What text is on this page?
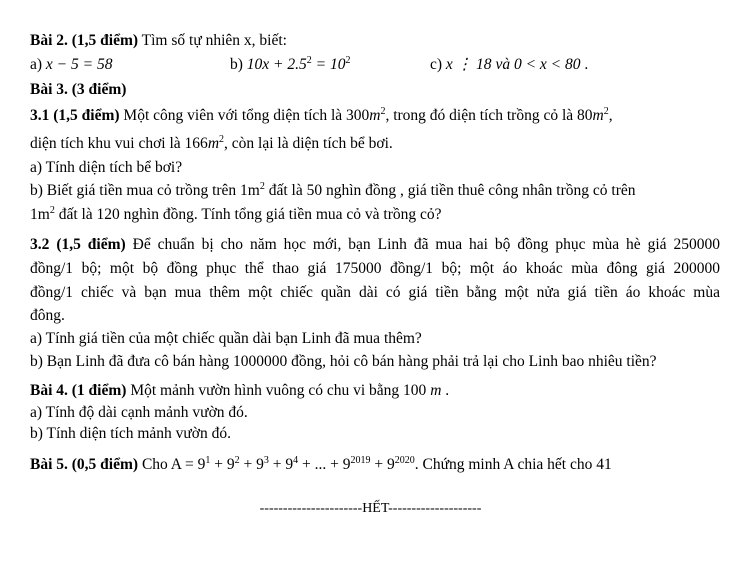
Bài 2. (1,5 điểm) Tìm số tự nhiên x, biết:
a) x − 5 = 58	b) $10x + 2.5^2 = 10^2$	c) x ⋮ 18 và 0 < x < 80 .
Bài 3. (3 điểm)
3.1 (1,5 điểm) Một công viên với tổng diện tích là $300m^2$, trong đó diện tích trồng cỏ là $80m^2$,
diện tích khu vui chơi là $166m^2$, còn lại là diện tích bể bơi.
a) Tính diện tích bể bơi?
b) Biết giá tiền mua cỏ trồng trên $1m^2$ đất là 50 nghìn đồng , giá tiền thuê công nhân trồng cỏ trên
$1m^2$ đất là 120 nghìn đồng. Tính tổng giá tiền mua cỏ và trồng cỏ?
3.2 (1,5 điểm) Để chuẩn bị cho năm học mới, bạn Linh đã mua hai bộ đồng phục mùa hè giá 250000
đồng/1 bộ; một bộ đồng phục thể thao giá 175000 đồng/1 bộ; một áo khoác mùa đông giá 200000
đồng/1 chiếc và bạn mua thêm một chiếc quần dài có giá tiền bằng một nửa giá tiền áo khoác mùa
đông.
a) Tính giá tiền của một chiếc quần dài bạn Linh đã mua thêm?
b) Bạn Linh đã đưa cô bán hàng 1000000 đồng, hỏi cô bán hàng phải trả lại cho Linh bao nhiêu tiền?
Bài 4. (1 điểm) Một mảnh vườn hình vuông có chu vi bằng 100 m .
a) Tính độ dài cạnh mảnh vườn đó.
b) Tính diện tích mảnh vườn đó.
Bài 5. (0,5 điểm) Cho $A = 9^1 + 9^2 + 9^3 + 9^4$ + ... + $9^{2019} + 9^{2020}$. Chứng minh A chia hết cho 41
----------------------HẾT--------------------
